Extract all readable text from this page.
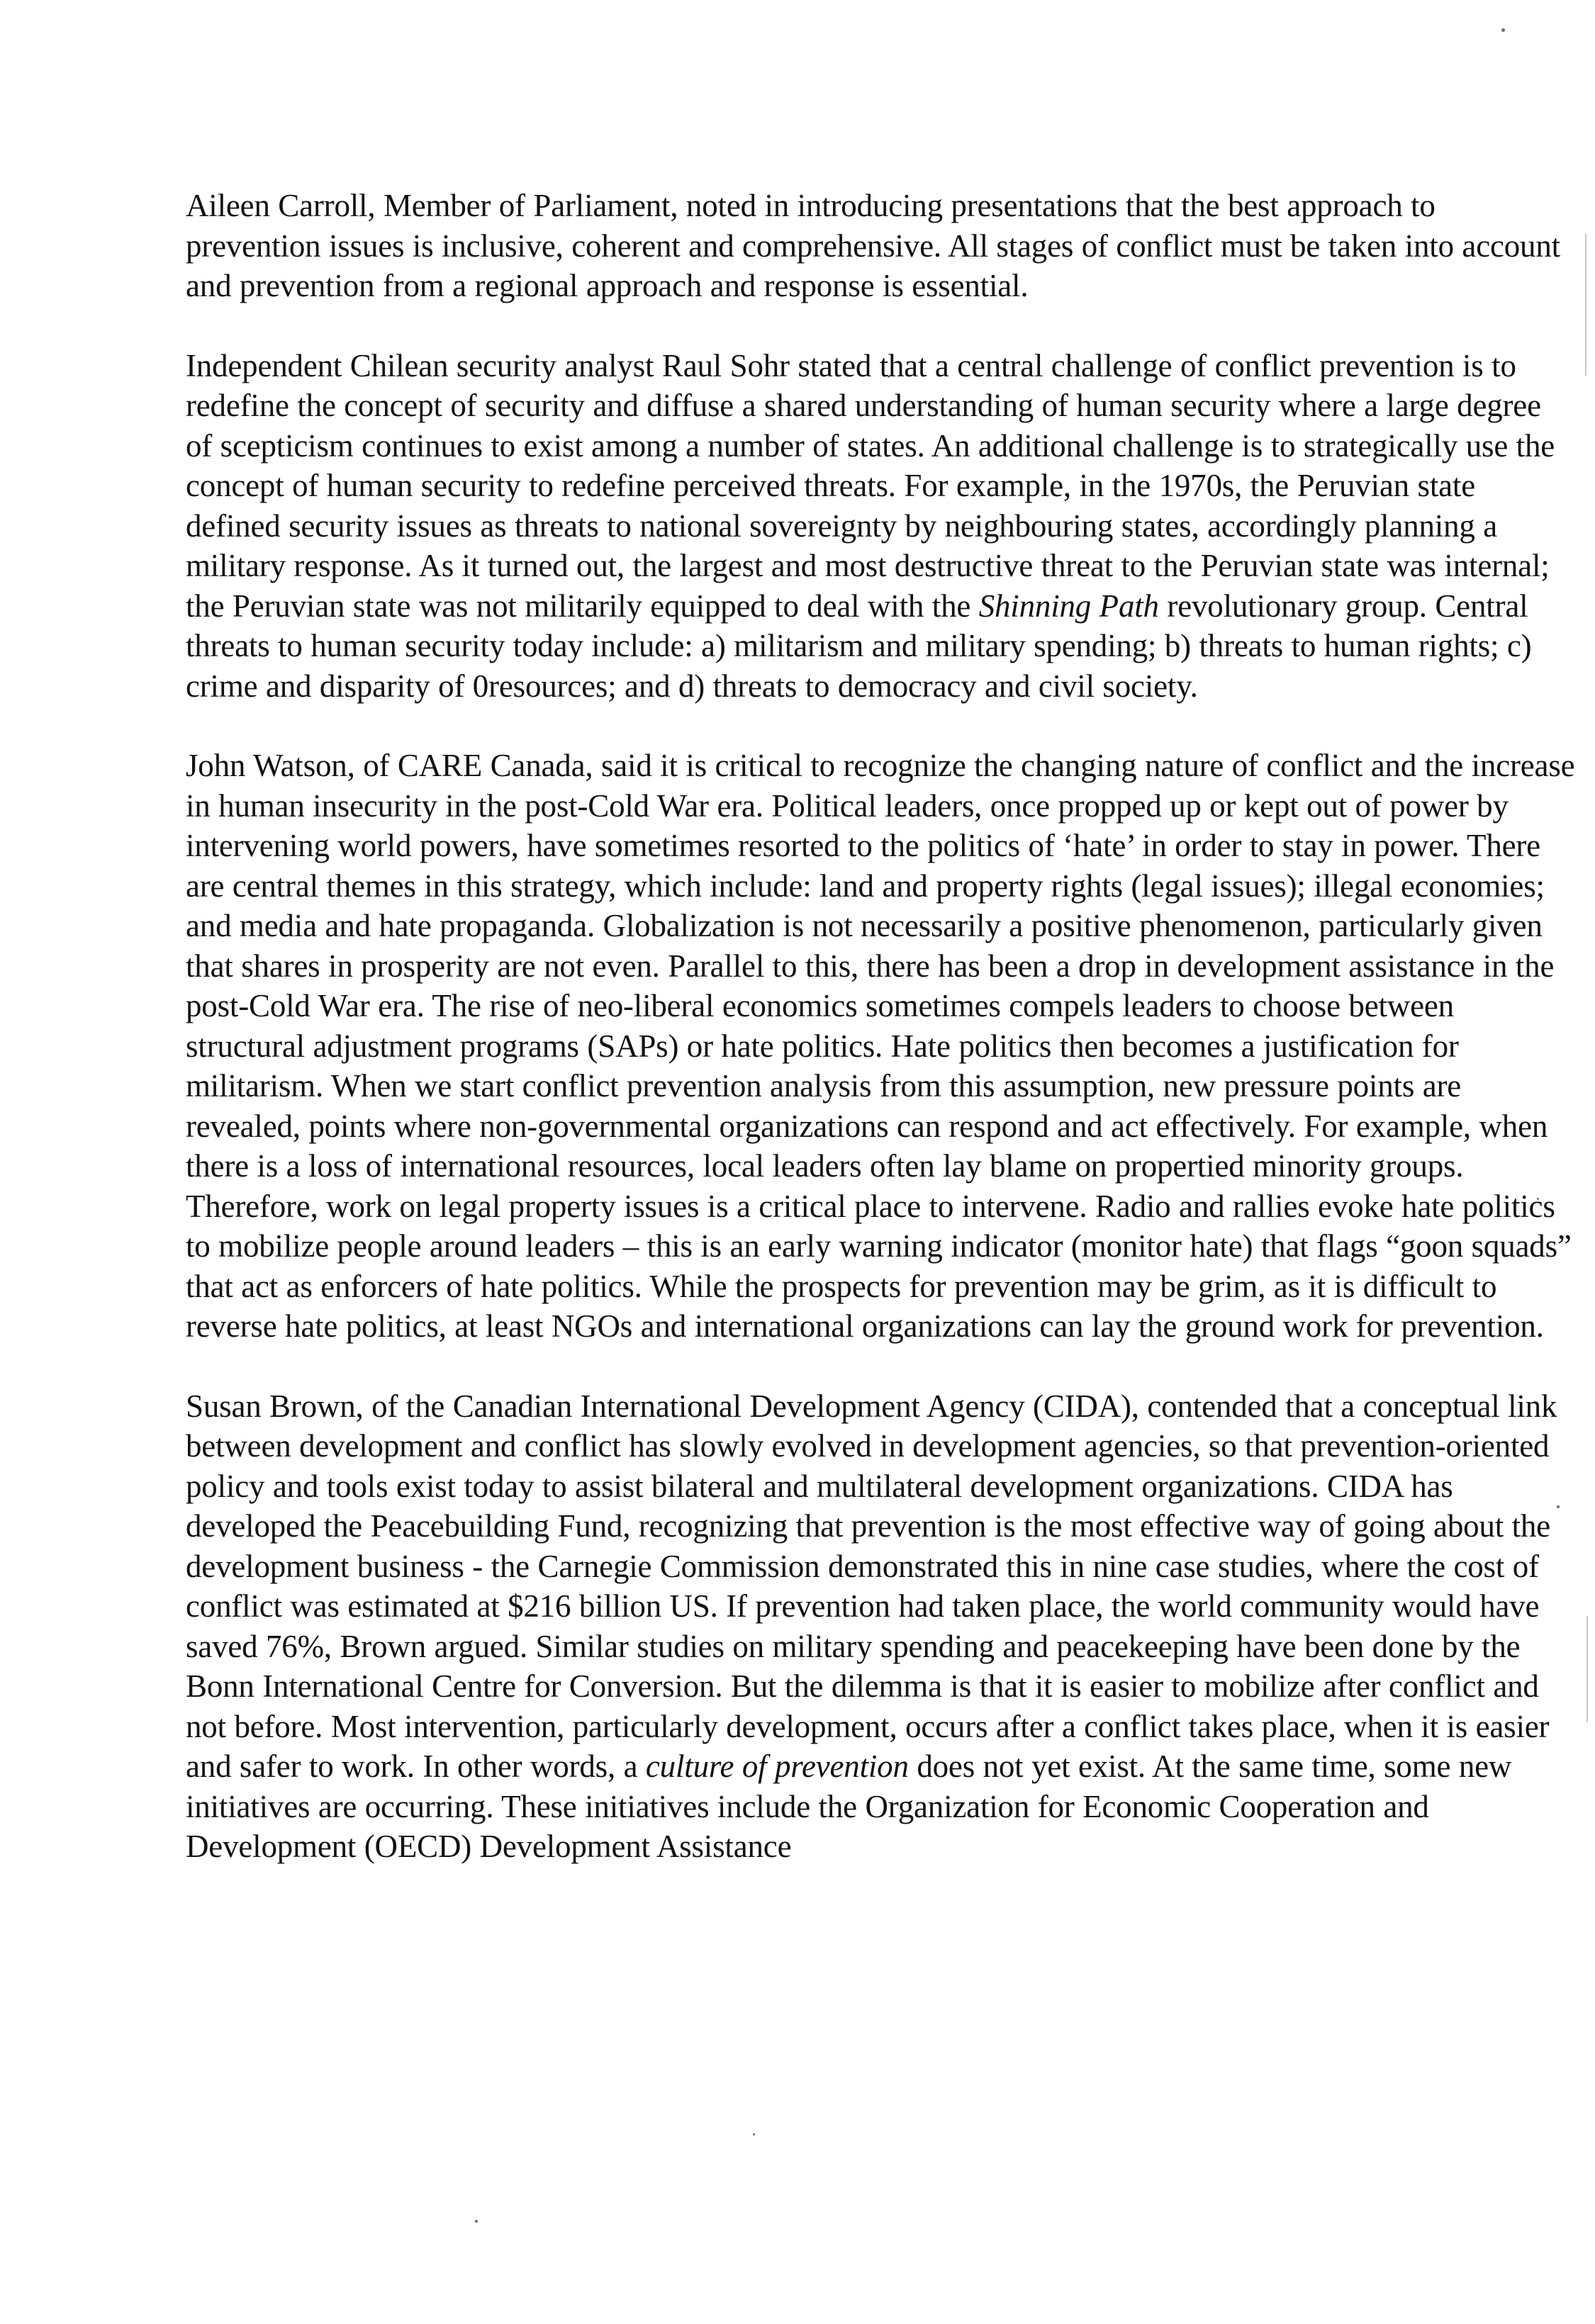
Aileen Carroll, Member of Parliament, noted in introducing presentations that the best approach to prevention issues is inclusive, coherent and comprehensive. All stages of conflict must be taken into account and prevention from a regional approach and response is essential.

Independent Chilean security analyst Raul Sohr stated that a central challenge of conflict prevention is to redefine the concept of security and diffuse a shared understanding of human security where a large degree of scepticism continues to exist among a number of states. An additional challenge is to strategically use the concept of human security to redefine perceived threats. For example, in the 1970s, the Peruvian state defined security issues as threats to national sovereignty by neighbouring states, accordingly planning a military response. As it turned out, the largest and most destructive threat to the Peruvian state was internal; the Peruvian state was not militarily equipped to deal with the Shinning Path revolutionary group. Central threats to human security today include: a) militarism and military spending; b) threats to human rights; c) crime and disparity of 0resources; and d) threats to democracy and civil society.

John Watson, of CARE Canada, said it is critical to recognize the changing nature of conflict and the increase in human insecurity in the post-Cold War era. Political leaders, once propped up or kept out of power by intervening world powers, have sometimes resorted to the politics of ‘hate’ in order to stay in power. There are central themes in this strategy, which include: land and property rights (legal issues); illegal economies; and media and hate propaganda. Globalization is not necessarily a positive phenomenon, particularly given that shares in prosperity are not even. Parallel to this, there has been a drop in development assistance in the post-Cold War era. The rise of neo-liberal economics sometimes compels leaders to choose between structural adjustment programs (SAPs) or hate politics. Hate politics then becomes a justification for militarism. When we start conflict prevention analysis from this assumption, new pressure points are revealed, points where non-governmental organizations can respond and act effectively. For example, when there is a loss of international resources, local leaders often lay blame on propertied minority groups. Therefore, work on legal property issues is a critical place to intervene. Radio and rallies evoke hate politics to mobilize people around leaders – this is an early warning indicator (monitor hate) that flags “goon squads” that act as enforcers of hate politics. While the prospects for prevention may be grim, as it is difficult to reverse hate politics, at least NGOs and international organizations can lay the ground work for prevention.

Susan Brown, of the Canadian International Development Agency (CIDA), contended that a conceptual link between development and conflict has slowly evolved in development agencies, so that prevention-oriented policy and tools exist today to assist bilateral and multilateral development organizations. CIDA has developed the Peacebuilding Fund, recognizing that prevention is the most effective way of going about the development business - the Carnegie Commission demonstrated this in nine case studies, where the cost of conflict was estimated at $216 billion US. If prevention had taken place, the world community would have saved 76%, Brown argued. Similar studies on military spending and peacekeeping have been done by the Bonn International Centre for Conversion. But the dilemma is that it is easier to mobilize after conflict and not before. Most intervention, particularly development, occurs after a conflict takes place, when it is easier and safer to work. In other words, a culture of prevention does not yet exist. At the same time, some new initiatives are occurring. These initiatives include the Organization for Economic Cooperation and Development (OECD) Development Assistance
